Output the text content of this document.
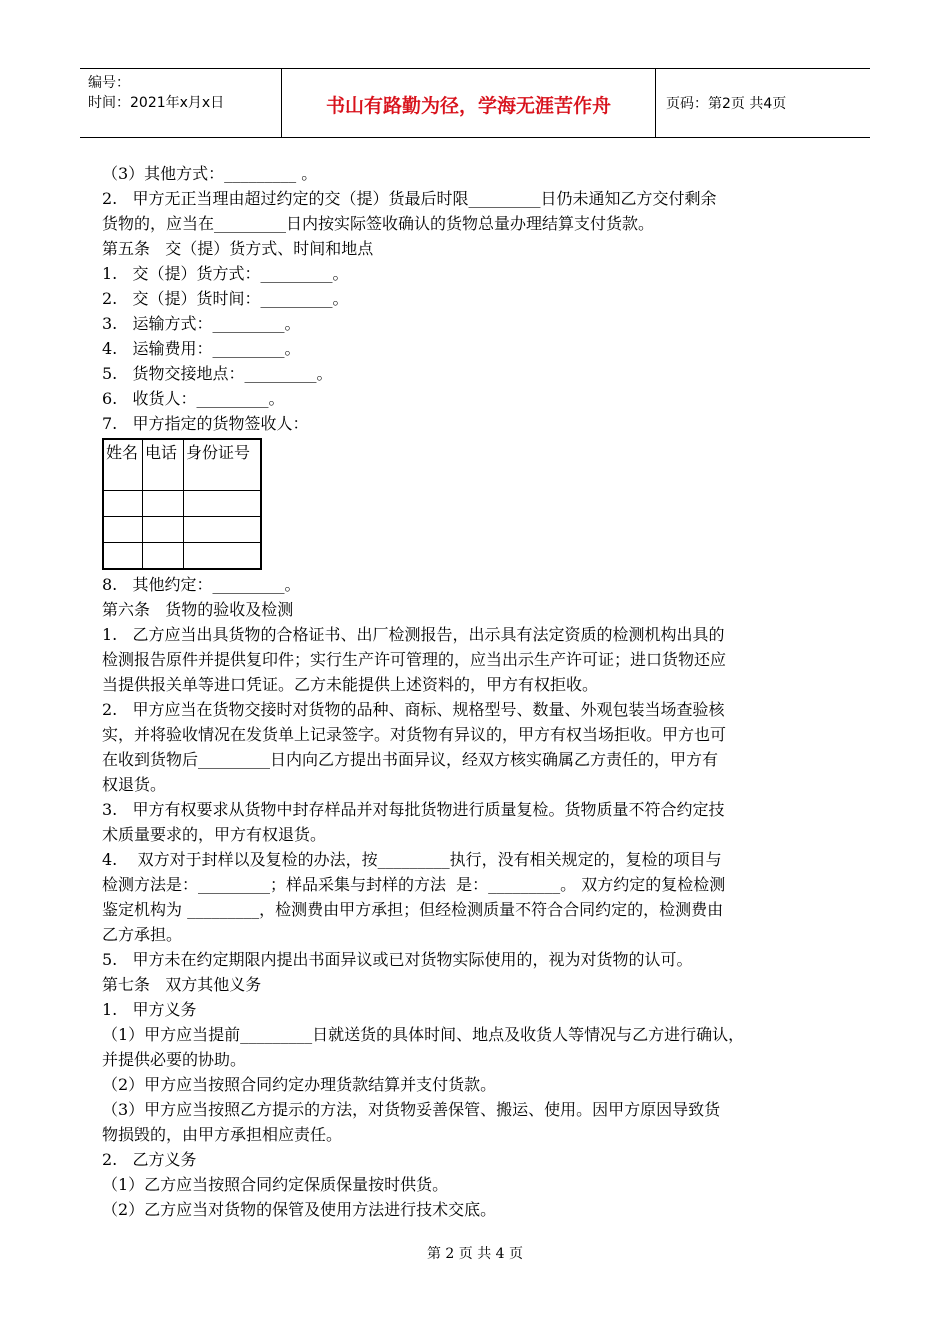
编号：
时间：2021年x月x日	书山有路勤为径，学海无涯苦作舟	页码：第2页 共4页
（3）其他方式：_________ 。
2.   甲方无正当理由超过约定的交（提）货最后时限_________日仍未通知乙方交付剩余
货物的，应当在_________日内按实际签收确认的货物总量办理结算支付货款。
第五条   交（提）货方式、时间和地点
1.   交（提）货方式：_________。
2.   交（提）货时间：_________。
3.   运输方式：_________。
4.   运输费用：_________。
5.   货物交接地点：_________。
6.   收货人：_________。
7.   甲方指定的货物签收人：
姓名	电话	身份证号

8.   其他约定：_________。
第六条   货物的验收及检测
1.   乙方应当出具货物的合格证书、出厂检测报告，出示具有法定资质的检测机构出具的
检测报告原件并提供复印件；实行生产许可管理的，应当出示生产许可证；进口货物还应
当提供报关单等进口凭证。乙方未能提供上述资料的，甲方有权拒收。
2.   甲方应当在货物交接时对货物的品种、商标、规格型号、数量、外观包装当场查验核
实，并将验收情况在发货单上记录签字。对货物有异议的，甲方有权当场拒收。甲方也可
在收到货物后_________日内向乙方提出书面异议，经双方核实确属乙方责任的，甲方有
权退货。
3.   甲方有权要求从货物中封存样品并对每批货物进行质量复检。货物质量不符合约定技
术质量要求的，甲方有权退货。
4.    双方对于封样以及复检的办法，按_________执行，没有相关规定的，复检的项目与
检测方法是：_________；样品采集与封样的方法  是：_________。 双方约定的复检检测
鉴定机构为 _________，检测费由甲方承担；但经检测质量不符合合同约定的，检测费由
乙方承担。
5.   甲方未在约定期限内提出书面异议或已对货物实际使用的，视为对货物的认可。
第七条   双方其他义务
1.   甲方义务
（1）甲方应当提前_________日就送货的具体时间、地点及收货人等情况与乙方进行确认，
并提供必要的协助。
（2）甲方应当按照合同约定办理货款结算并支付货款。
（3）甲方应当按照乙方提示的方法，对货物妥善保管、搬运、使用。因甲方原因导致货
物损毁的，由甲方承担相应责任。
2.   乙方义务
（1）乙方应当按照合同约定保质保量按时供货。
（2）乙方应当对货物的保管及使用方法进行技术交底。
第 2 页 共 4 页
